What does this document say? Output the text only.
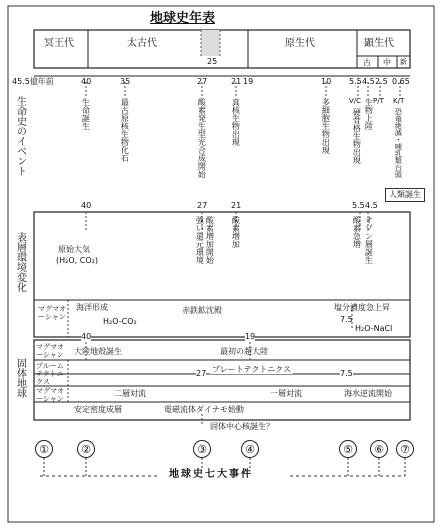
地球史年表
冥王代	太古代	原生代	顕生代
古 中 新
25
45.5億年前	40	35	27	21 19	10 5.5 4.5 2.5 0.65
生命史のイベント
表層環境変化
固体地球
生命誕生	最古原核生物化石	酸素発生型光合成開始	真核生物出現	多細胞生物出現	V/C
硬骨格生物出現
P/T
生物上陸	K/T
恐竜絶滅・哺乳類台頭
人類誕生
40	27	21	5.5 4.5
原始大気
(H₂O, CO₂)	酸素増加開始
強い還元環境	酸素増加	酸素急増 オゾン層誕生
マグマオーシャン
海洋形成
H₂O-CO₂
赤鉄鉱沈殿	塩分濃度急上昇
7.5
H₂O-NaCl
40	19
マグマオーシャン 大陸地殻誕生	最初の超大陸
プルームテクトニクス
27 プレートテクトニクス	7.5
マグマオーシャン
二層対流	一層対流	海水逆流開始
安定密度成層	電磁流体ダイナモ始動
固体中心核誕生？
①	②	③	④	⑤	⑥	⑦
地球史七大事件
